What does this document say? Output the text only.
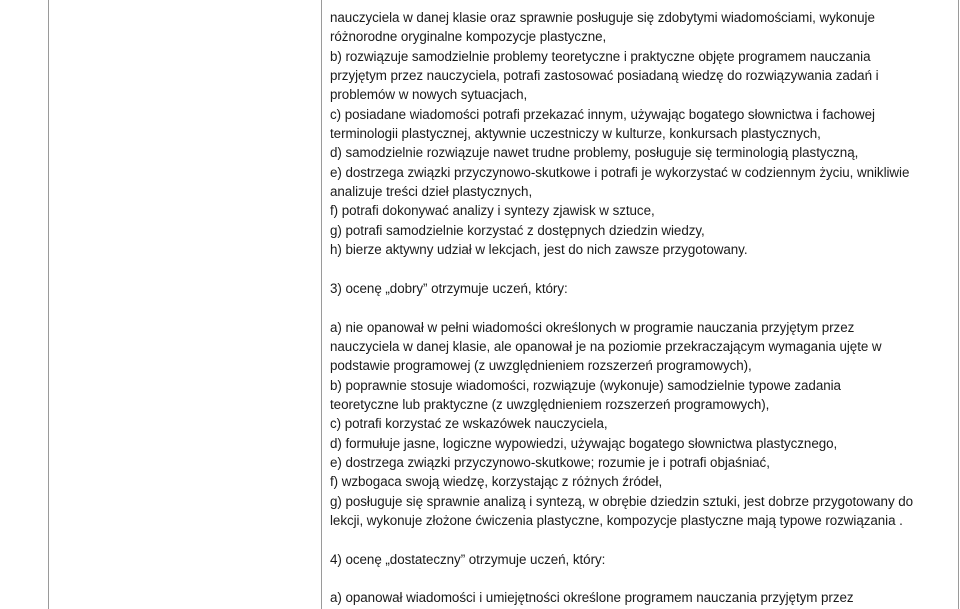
nauczyciela w danej klasie oraz sprawnie posługuje się zdobytymi wiadomościami, wykonuje
różnorodne oryginalne kompozycje plastyczne,
b) rozwiązuje samodzielnie problemy teoretyczne i praktyczne objęte programem nauczania
przyjętym przez nauczyciela, potrafi zastosować posiadaną wiedzę do rozwiązywania zadań i
problemów w nowych sytuacjach,
c) posiadane wiadomości potrafi przekazać innym, używając bogatego słownictwa i fachowej
terminologii plastycznej, aktywnie uczestniczy w kulturze, konkursach plastycznych,
d) samodzielnie rozwiązuje nawet trudne problemy, posługuje się terminologią plastyczną,
e) dostrzega związki przyczynowo-skutkowe i potrafi je wykorzystać w codziennym życiu, wnikliwie
analizuje treści dzieł plastycznych,
f) potrafi dokonywać analizy i syntezy zjawisk w sztuce,
g) potrafi samodzielnie korzystać z dostępnych dziedzin wiedzy,
h) bierze aktywny udział w lekcjach, jest do nich zawsze przygotowany.
3) ocenę „dobry” otrzymuje uczeń, który:
a) nie opanował w pełni wiadomości określonych w programie nauczania przyjętym przez
nauczyciela w danej klasie, ale opanował je na poziomie przekraczającym wymagania ujęte w
podstawie programowej (z uwzględnieniem rozszerzeń programowych),
b) poprawnie stosuje wiadomości, rozwiązuje (wykonuje) samodzielnie typowe zadania
teoretyczne lub praktyczne (z uwzględnieniem rozszerzeń programowych),
c) potrafi korzystać ze wskazówek nauczyciela,
d) formułuje jasne, logiczne wypowiedzi, używając bogatego słownictwa plastycznego,
e) dostrzega związki przyczynowo-skutkowe; rozumie je i potrafi objaśniać,
f) wzbogaca swoją wiedzę, korzystając z różnych źródeł,
g) posługuje się sprawnie analizą i syntezą, w obrębie dziedzin sztuki, jest dobrze przygotowany do
lekcji, wykonuje złożone ćwiczenia plastyczne, kompozycje plastyczne mają typowe rozwiązania .
4) ocenę „dostateczny” otrzymuje uczeń, który:
a) opanował wiadomości i umiejętności określone programem nauczania przyjętym przez
